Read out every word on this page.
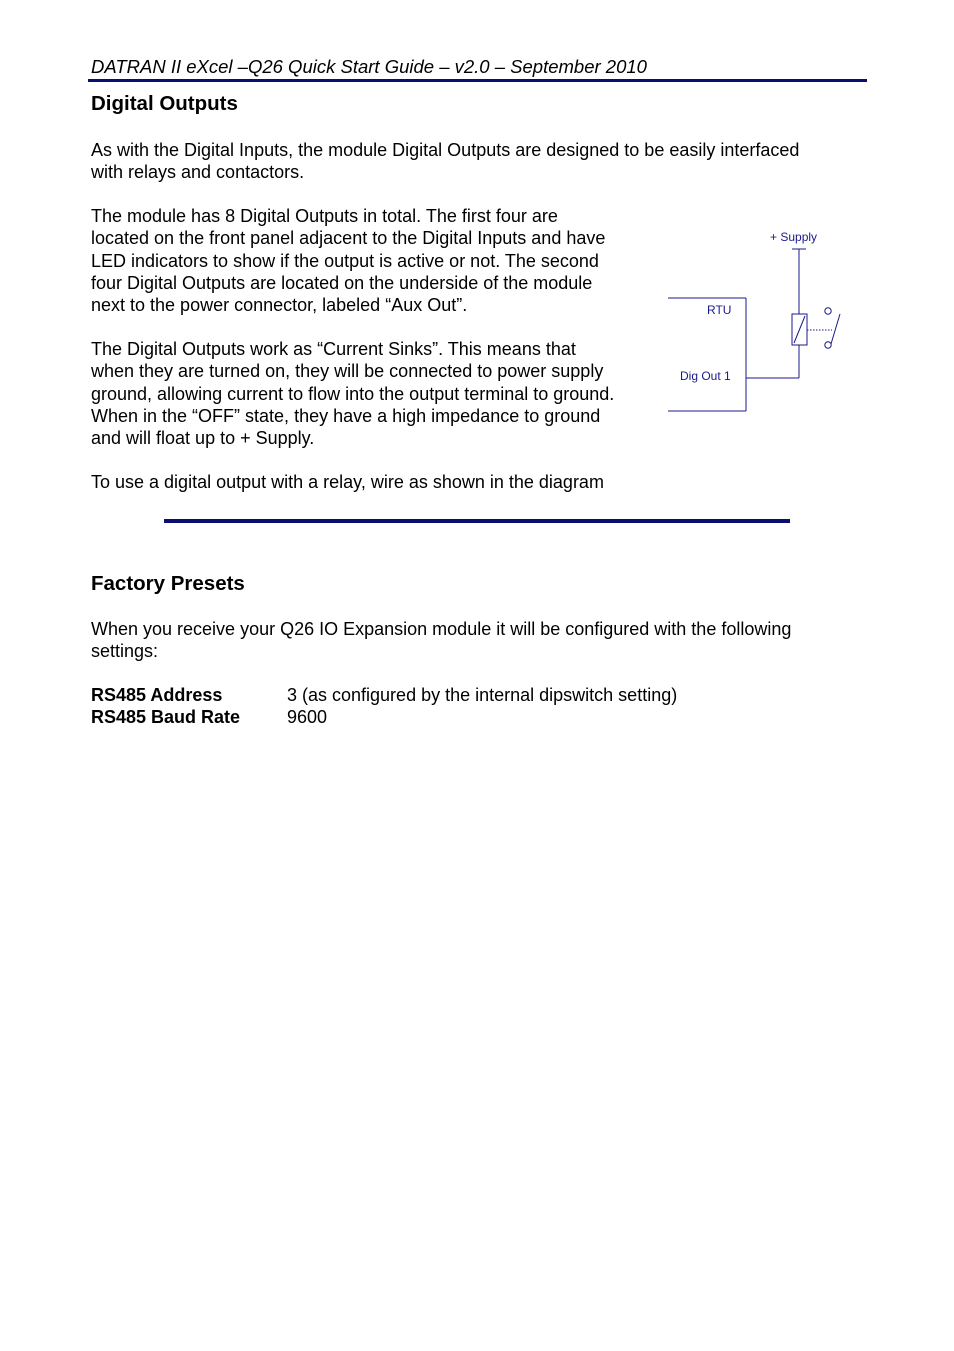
DATRAN II eXcel –Q26 Quick Start Guide – v2.0 – September 2010
Digital Outputs
As with the Digital Inputs, the module Digital Outputs are designed to be easily interfaced
with relays and contactors.
The module has 8 Digital Outputs in total. The first four are
located on the front panel adjacent to the Digital Inputs and have
LED indicators to show if the output is active or not. The second
four Digital Outputs are located on the underside of the module
next to the power connector, labeled “Aux Out”.
The Digital Outputs work as “Current Sinks”. This means that
when they are turned on, they will be connected to power supply
ground, allowing current to flow into the output terminal to ground.
When in the “OFF” state, they have a high impedance to ground
and will float up to + Supply.
To use a digital output with a relay, wire as shown in the diagram
+ Supply
RTU
Dig Out 1
Factory Presets
When you receive your Q26 IO Expansion module it will be configured with the following
settings:
RS485 Address	3 (as configured by the internal dipswitch setting)
RS485 Baud Rate	9600
